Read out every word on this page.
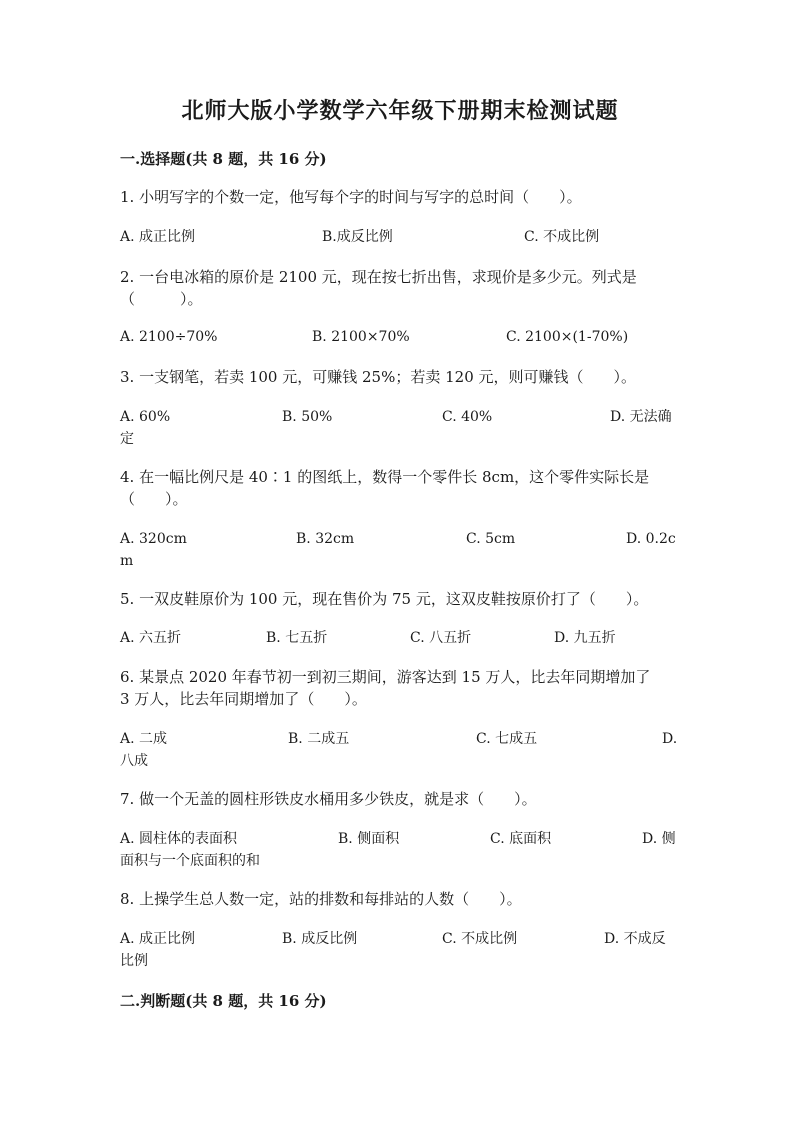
北师大版小学数学六年级下册期末检测试题
一.选择题(共 8 题，共 16 分)
1. 小明写字的个数一定，他写每个字的时间与写字的总时间（　　）。
A. 成正比例	B.成反比例	C. 不成比例
2. 一台电冰箱的原价是 2100 元，现在按七折出售，求现价是多少元。列式是
（　　　）。
A. 2100÷70%	B. 2100×70%	C. 2100×(1-70%)
3. 一支钢笔，若卖 100 元，可赚钱 25%；若卖 120 元，则可赚钱（　　）。
A. 60%	B. 50%	C. 40%	D. 无法确
定
4. 在一幅比例尺是 40∶1 的图纸上，数得一个零件长 8cm，这个零件实际长是
（　　）。
A. 320cm	B. 32cm	C. 5cm	D. 0.2c
m
5. 一双皮鞋原价为 100 元，现在售价为 75 元，这双皮鞋按原价打了（　　）。
A. 六五折	B. 七五折	C. 八五折	D. 九五折
6. 某景点 2020 年春节初一到初三期间，游客达到 15 万人，比去年同期增加了
3 万人，比去年同期增加了（　　）。
A. 二成	B. 二成五	C. 七成五	D.
八成
7. 做一个无盖的圆柱形铁皮水桶用多少铁皮，就是求（　　）。
A. 圆柱体的表面积	B. 侧面积	C. 底面积	D. 侧
面积与一个底面积的和
8. 上操学生总人数一定，站的排数和每排站的人数（　　）。
A. 成正比例	B. 成反比例	C. 不成比例	D. 不成反
比例
二.判断题(共 8 题，共 16 分)
